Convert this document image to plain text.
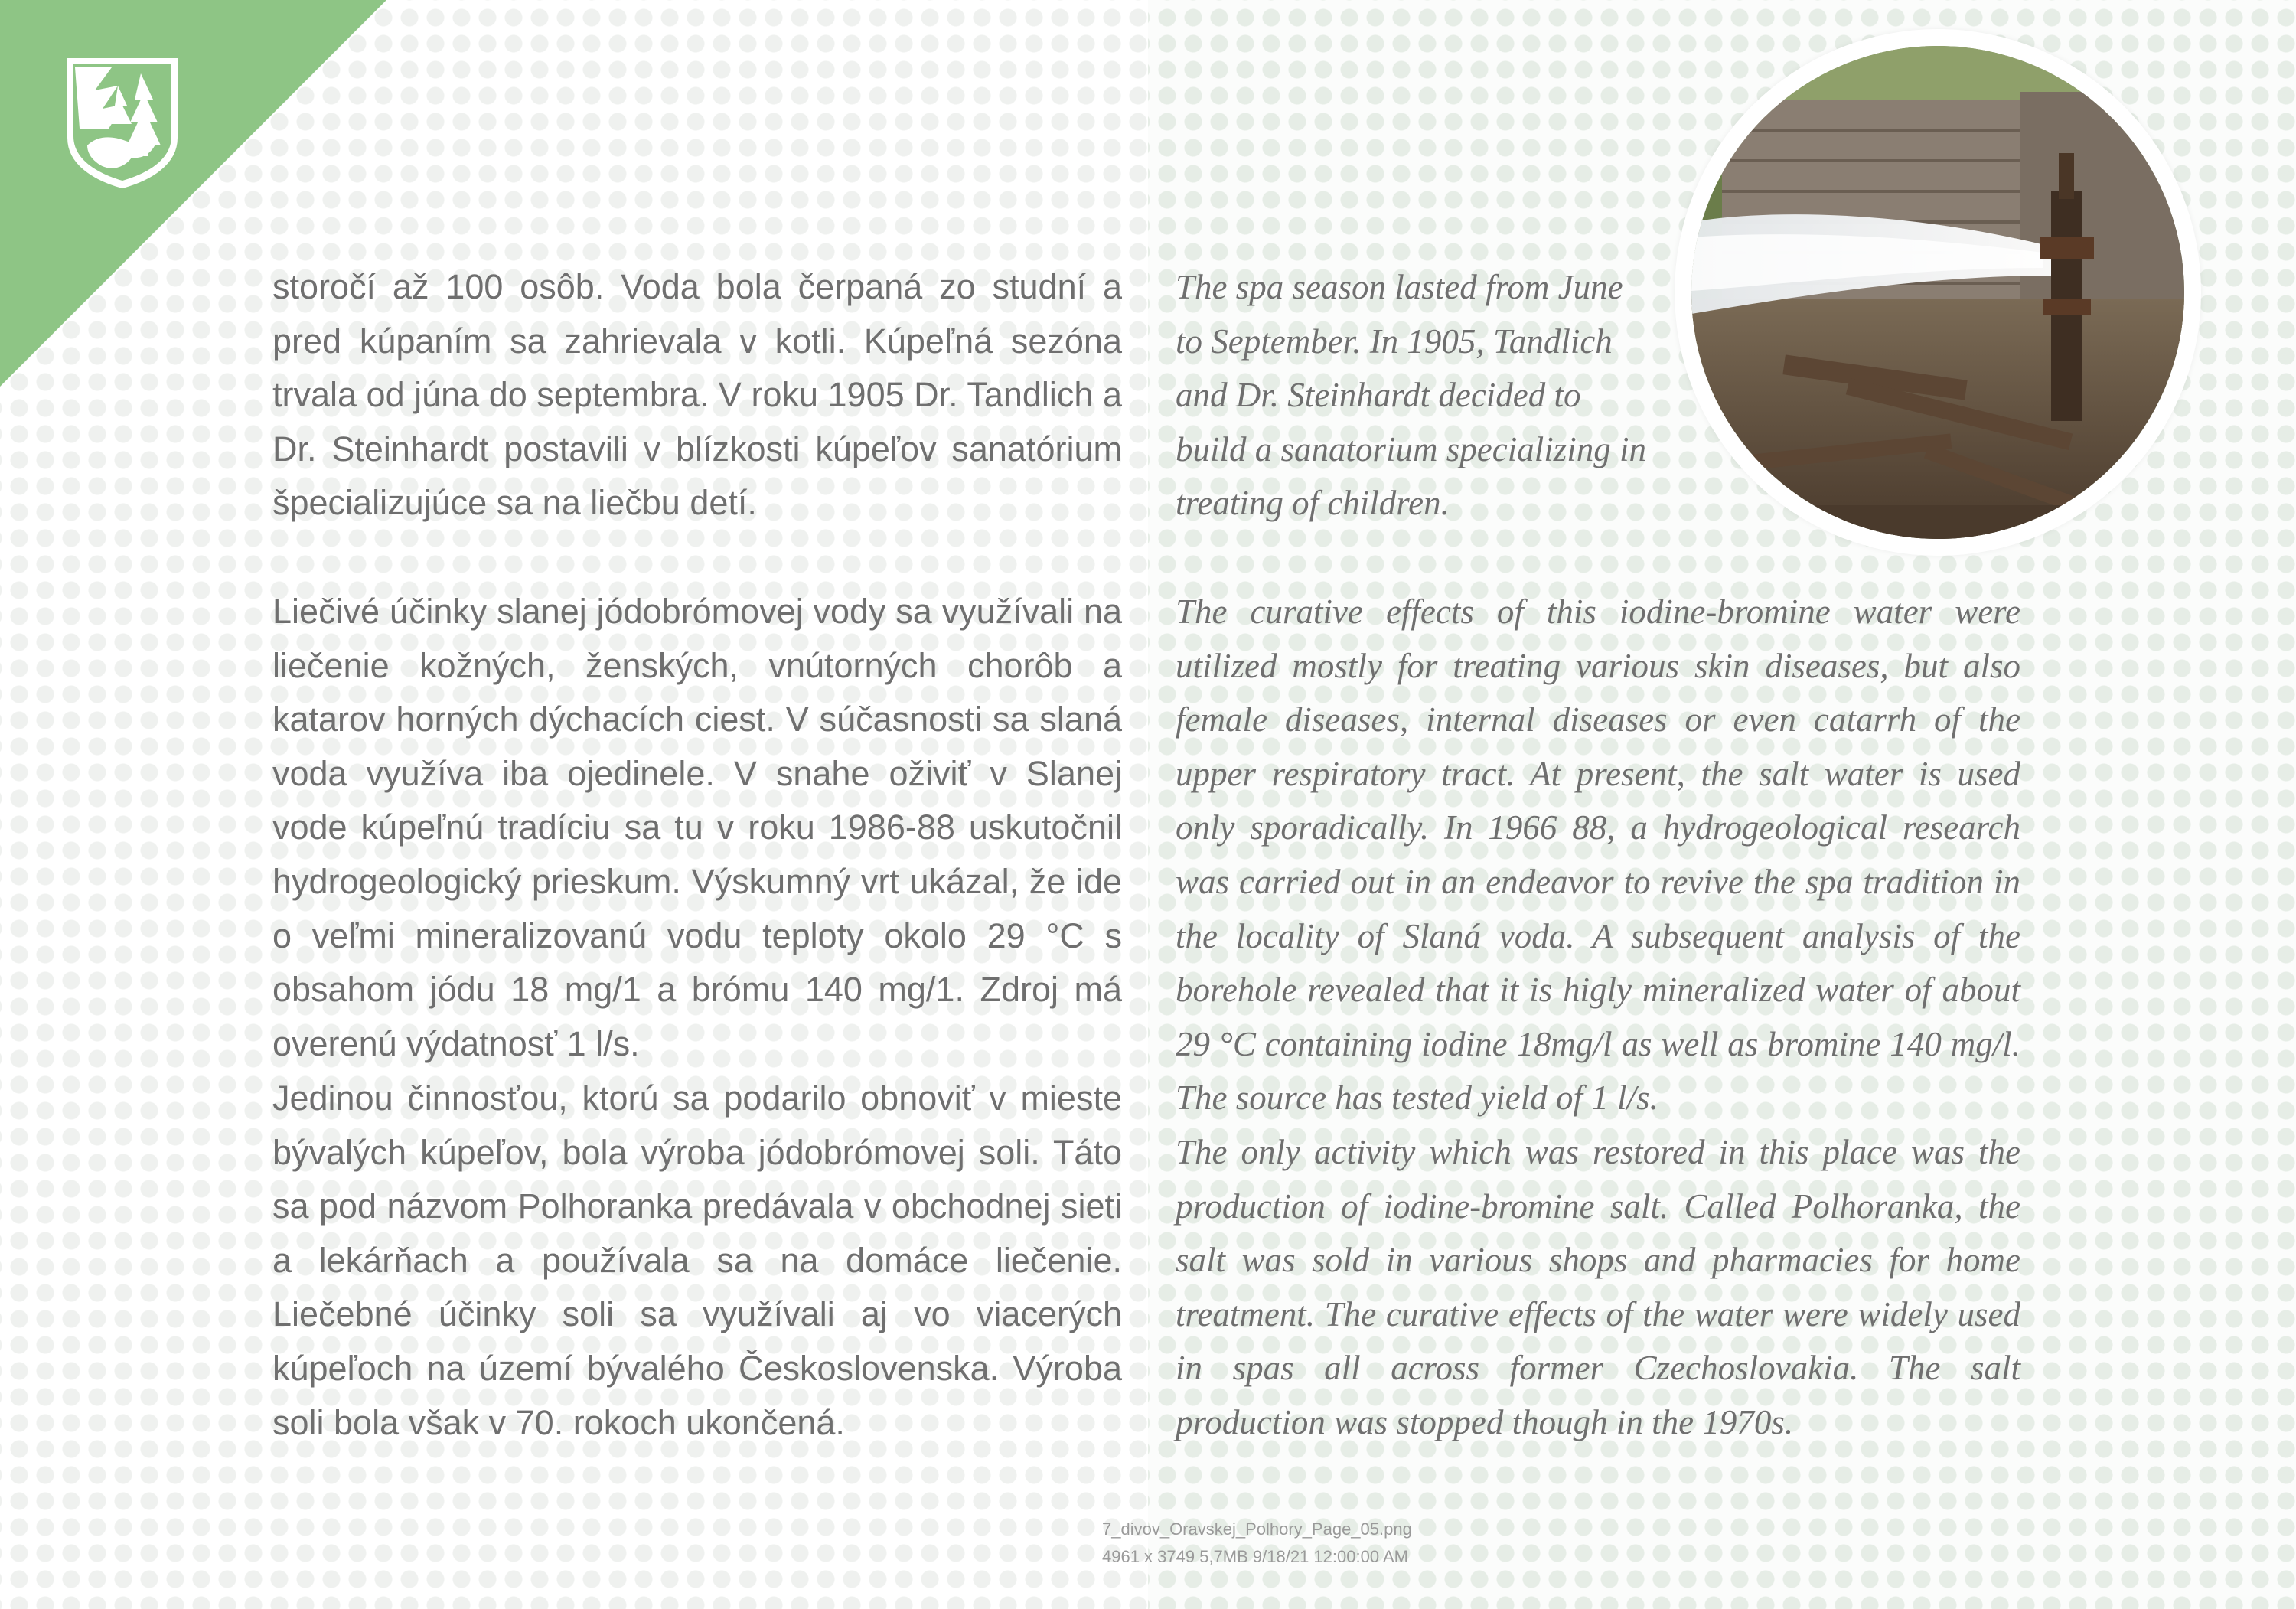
storočí až 100 osôb. Voda bola čerpaná zo studní a pred kúpaním sa zahrievala v kotli. Kúpeľná sezóna trvala od júna do septembra. V roku 1905 Dr. Tandlich a Dr. Steinhardt postavili v blízkosti kúpeľov sanatórium špecializujúce sa na liečbu detí.

Liečivé účinky slanej jódobrómovej vody sa využívali na liečenie kožných, ženských, vnútorných chorôb a katarov horných dýchacích ciest. V súčasnosti sa slaná voda využíva iba ojedinele. V snahe oživiť v Slanej vode kúpeľnú tradíciu sa tu v roku 1986-88 uskutočnil hydrogeologický prieskum. Výskumný vrt ukázal, že ide o veľmi mineralizovanú vodu teploty okolo 29 °C s obsahom jódu 18 mg/1 a brómu 140 mg/1. Zdroj má overenú výdatnosť 1 l/s.

Jedinou činnosťou, ktorú sa podarilo obnoviť v mieste bývalých kúpeľov, bola výroba jódobrómovej soli. Táto sa pod názvom Polhoranka predávala v obchodnej sieti a lekárňach a používala sa na domáce liečenie. Liečebné účinky soli sa využívali aj vo viacerých kúpeľoch na území bývalého Československa. Výroba soli bola však v 70. rokoch ukončená.

The spa season lasted from June to September. In 1905, Tandlich and Dr. Steinhardt decided to build a sanatorium specializing in treating of children.

The curative effects of this iodine-bromine water were utilized mostly for treating various skin diseases, but also female diseases, internal diseases or even catarrh of the upper respiratory tract. At present, the salt water is used only sporadically. In 1966 88, a hydrogeological research was carried out in an endeavor to revive the spa tradition in the locality of Slaná voda. A subsequent analysis of the borehole revealed that it is higly mineralized water of about 29 °C containing iodine 18mg/l as well as bromine 140 mg/l. The source has tested yield of 1 l/s.

The only activity which was restored in this place was the production of iodine-bromine salt. Called Polhoranka, the salt was sold in various shops and pharmacies for home treatment. The curative effects of the water were widely used in spas all across former Czechoslovakia. The salt production was stopped though in the 1970s.

7_divov_Oravskej_Polhory_Page_05.png
4961 x 3749 5,7MB 9/18/21 12:00:00 AM
